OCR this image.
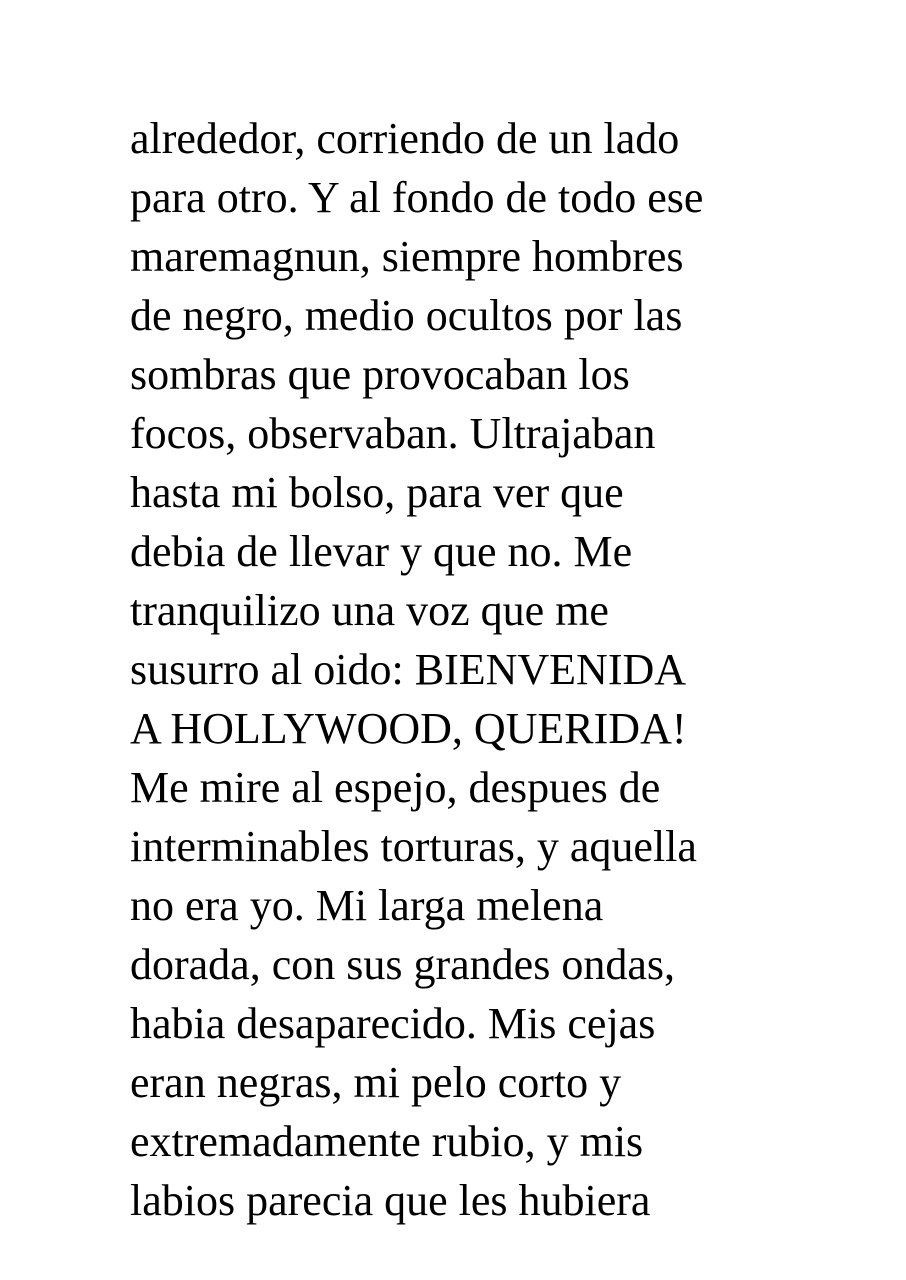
alrededor, corriendo de un lado
para otro. Y al fondo de todo ese
maremagnun, siempre hombres
de negro, medio ocultos por las
sombras que provocaban los
focos, observaban. Ultrajaban
hasta mi bolso, para ver que
debia de llevar y que no. Me
tranquilizo una voz que me
susurro al oido: BIENVENIDA
A HOLLYWOOD, QUERIDA!
Me mire al espejo, despues de
interminables torturas, y aquella
no era yo. Mi larga melena
dorada, con sus grandes ondas,
habia desaparecido. Mis cejas
eran negras, mi pelo corto y
extremadamente rubio, y mis
labios parecia que les hubiera
